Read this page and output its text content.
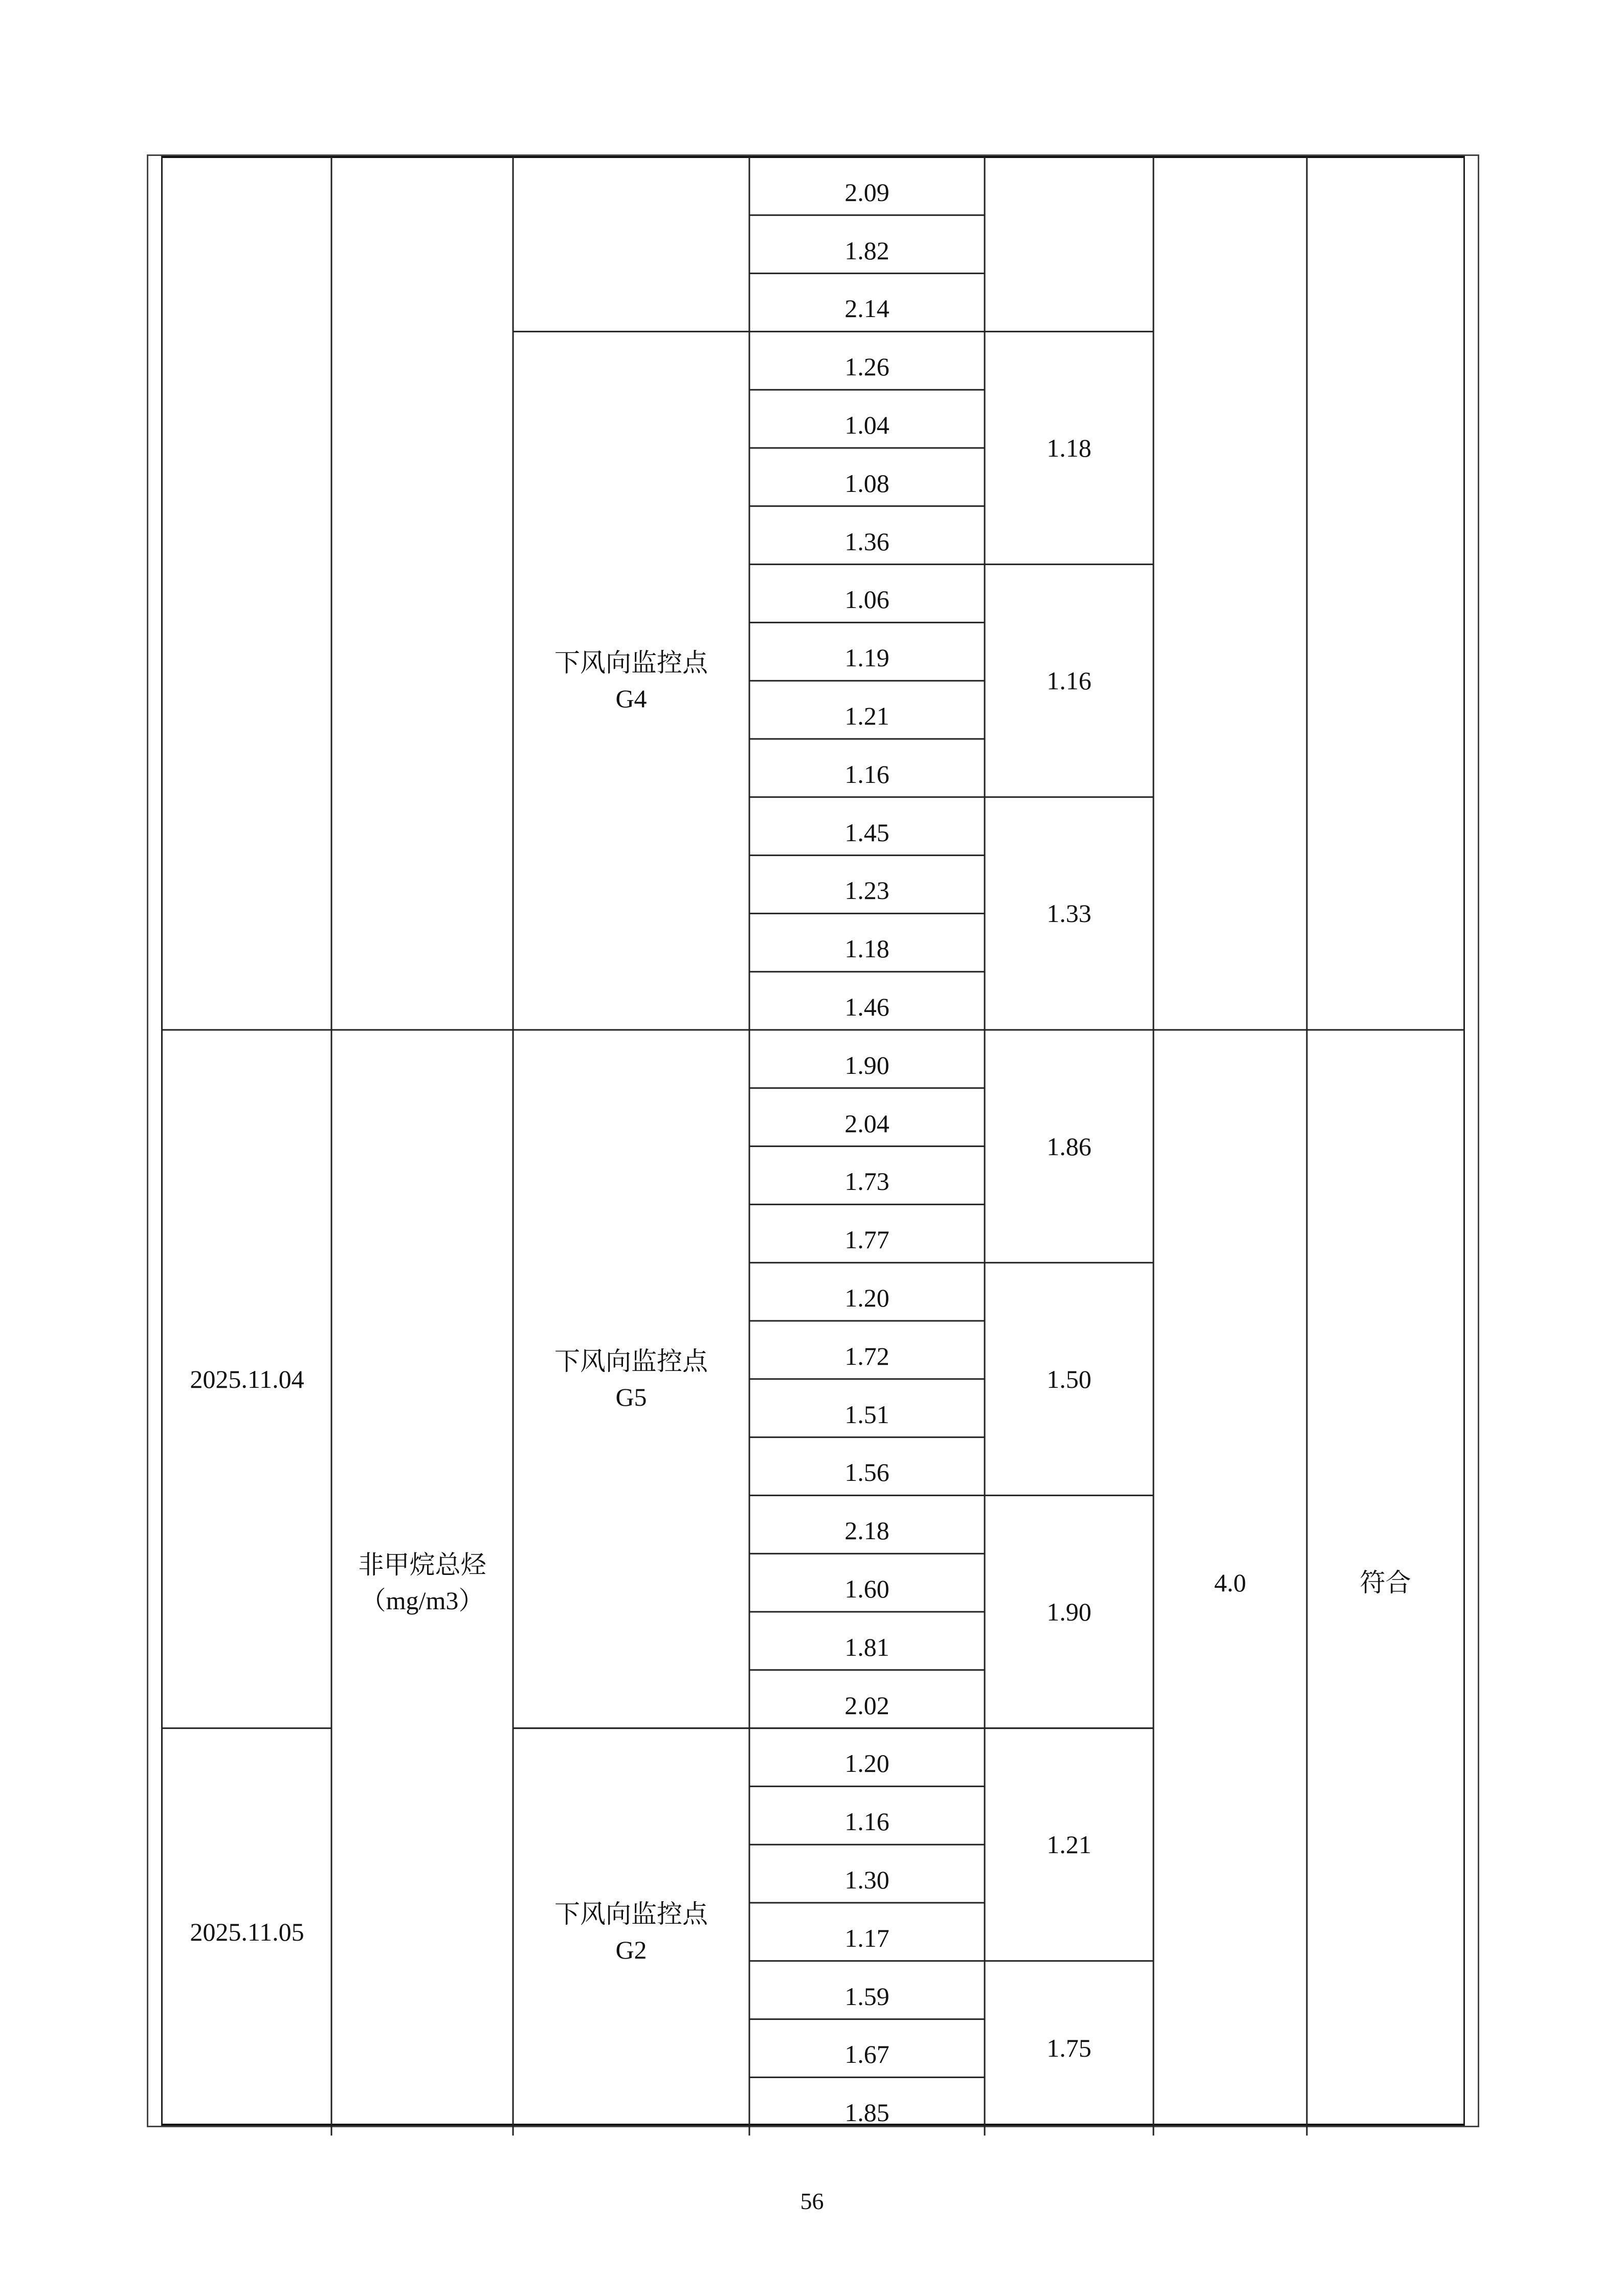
2.09
1.82
2.14
1.26
1.04
1.08
1.36
1.18
1.06
1.19
1.21
1.16
1.16
1.45
1.23
1.18
1.46
1.33
下风向监控点
G4
1.90
2.04
1.73
1.77
1.86
1.20
1.72
1.51
1.56
1.50
2.18
1.60
1.81
2.02
1.90
下风向监控点
G5
2025.11.04
1.20
1.16
1.30
1.17
1.21
1.59
1.67
1.85
1.75
下风向监控点
G2
2025.11.05
非甲烷总烃
（mg/m3）
4.0	符合
56
